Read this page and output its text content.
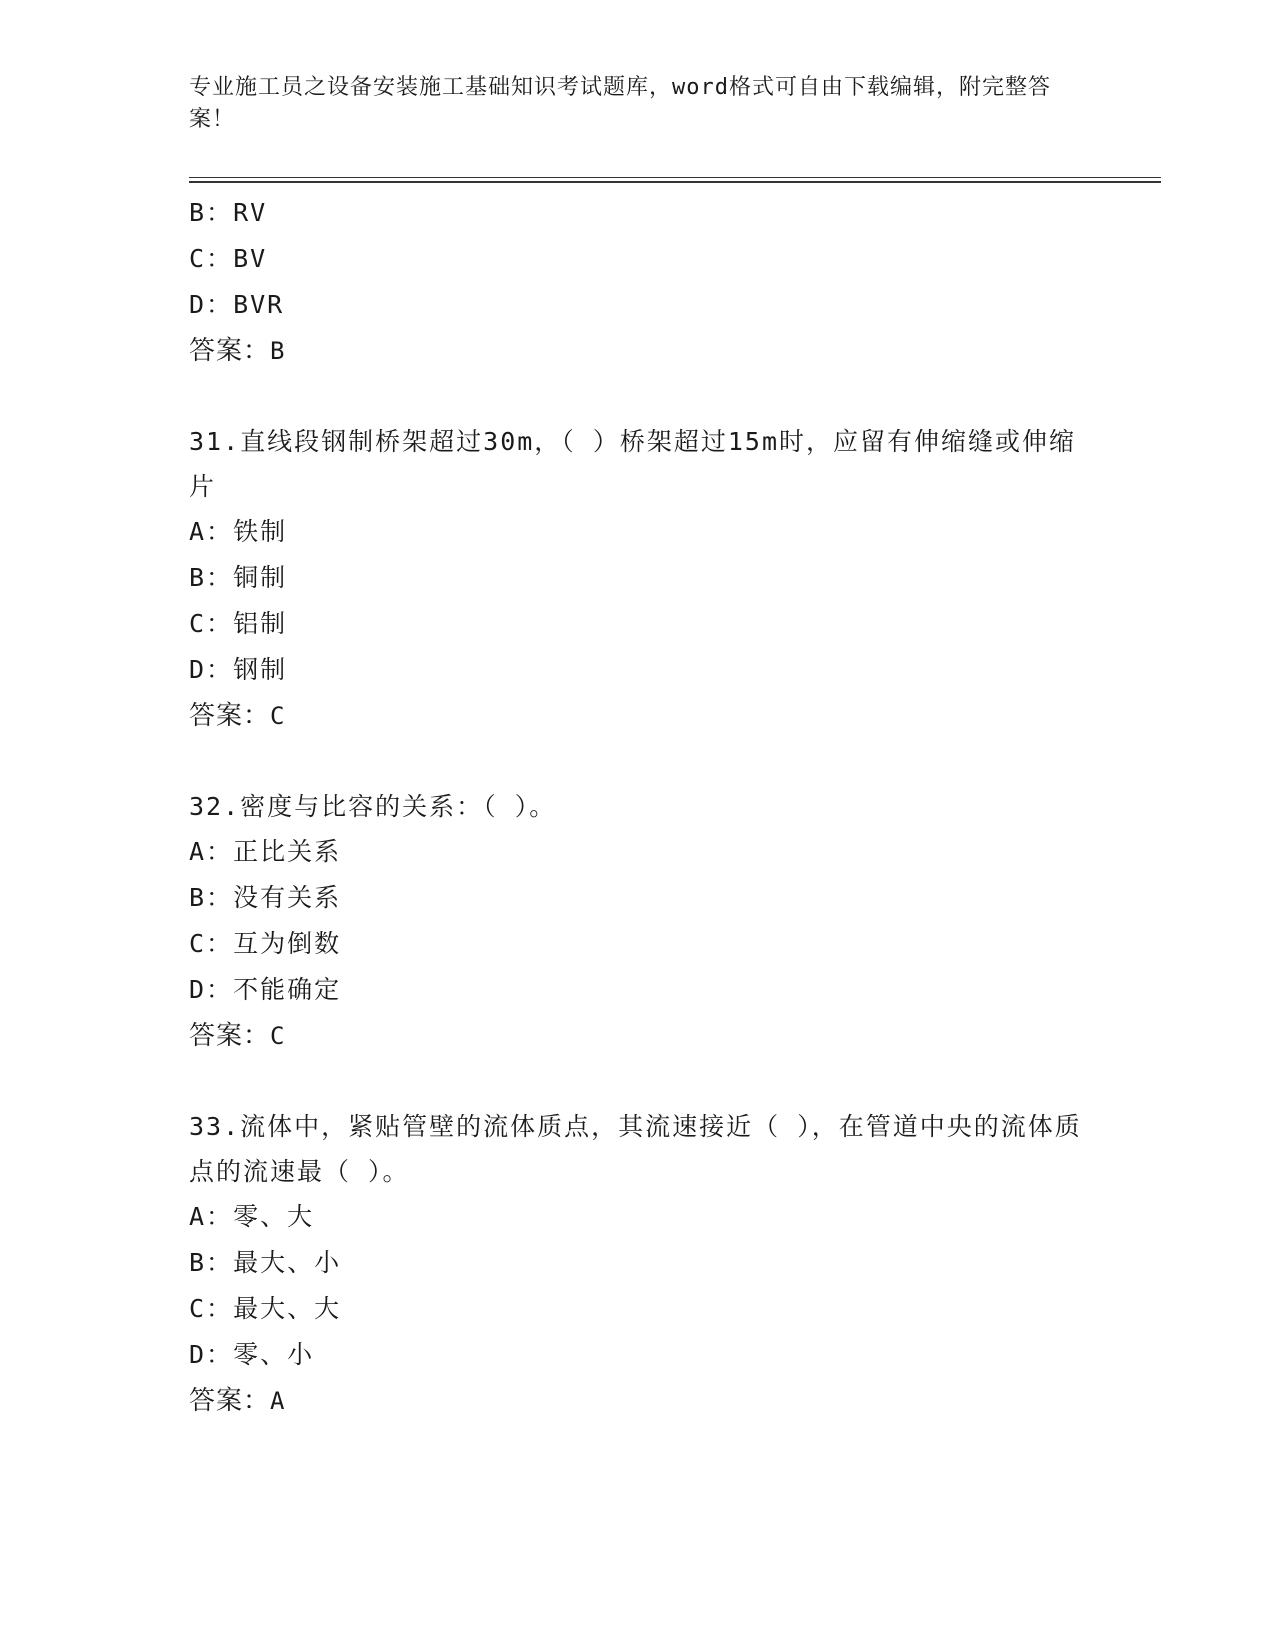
专业施工员之设备安装施工基础知识考试题库，word格式可自由下载编辑，附完整答案！
B：RV
C：BV
D：BVR
答案：B
31.直线段钢制桥架超过30m，（ ）桥架超过15m时，应留有伸缩缝或伸缩片
A：铁制
B：铜制
C：铝制
D：钢制
答案：C
32.密度与比容的关系：（ ）。
A：正比关系
B：没有关系
C：互为倒数
D：不能确定
答案：C
33.流体中，紧贴管壁的流体质点，其流速接近（ ），在管道中央的流体质点的流速最（ ）。
A：零、大
B：最大、小
C：最大、大
D：零、小
答案：A
